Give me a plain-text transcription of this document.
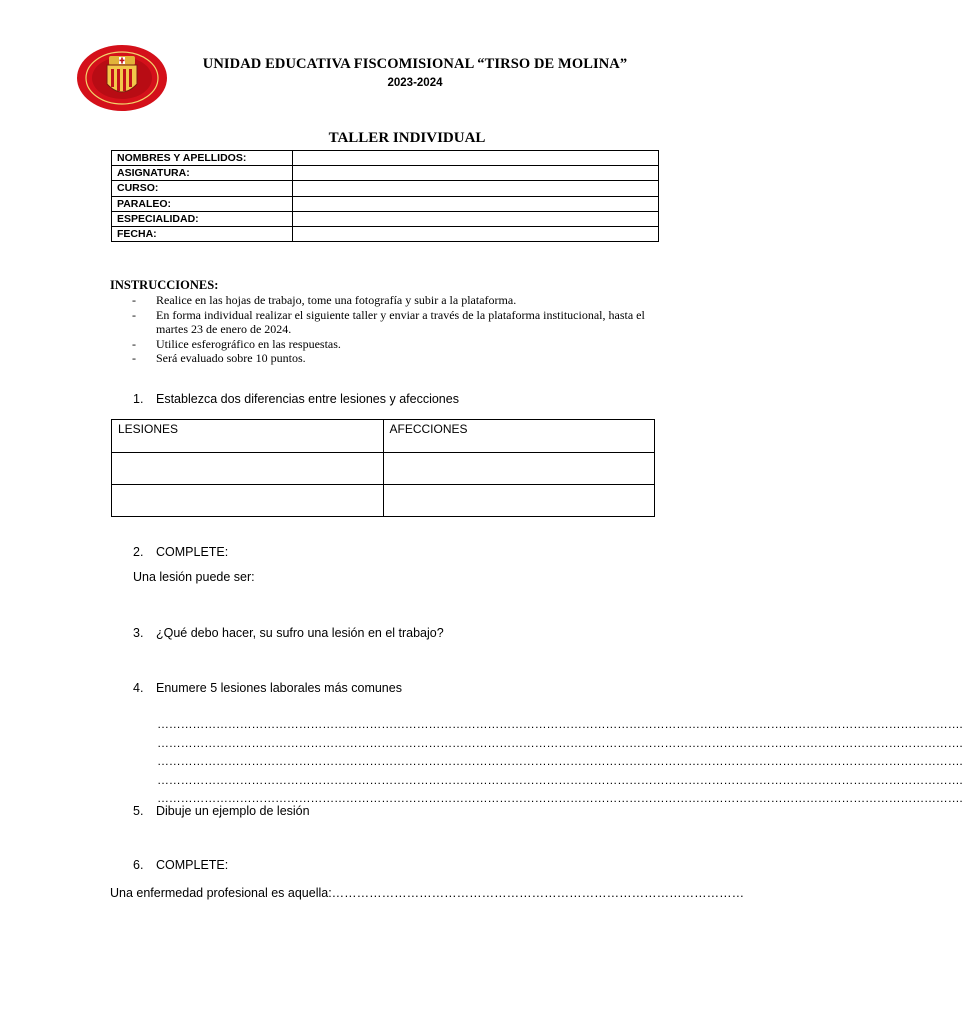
UNIDAD EDUCATIVA FISCOMISIONAL “TIRSO DE MOLINA”
2023-2024
TALLER INDIVIDUAL
NOMBRES Y APELLIDOS:	
ASIGNATURA:	
CURSO:	
PARALEO:	
ESPECIALIDAD:	
FECHA:	
INSTRUCCIONES:
- Realice en las hojas de trabajo, tome una fotografía y subir a la plataforma.
- En forma individual realizar el siguiente taller y enviar a través de la plataforma institucional, hasta el martes 23 de enero de 2024.
- Utilice esferográfico en las respuestas.
- Será evaluado sobre 10 puntos.
1. Establezca dos diferencias entre lesiones y afecciones
LESIONES	AFECCIONES

2. COMPLETE:
Una lesión puede ser:
3. ¿Qué debo hacer, su sufro una lesión en el trabajo?
4. Enumere 5 lesiones laborales más comunes
…………………………………………………………………………………………………………………………………………………………………………………….
…………………………………………………………………………………………………………………………………………………………………………………….
…………………………………………………………………………………………………………………………………………………………………………………….
…………………………………………………………………………………………………………………………………………………………………………………….
…………………………………………………………………………………………………………………………………………………………………………………….
5. Dibuje un ejemplo de lesión
6. COMPLETE:
Una enfermedad profesional es aquella:………………………………………………………………………………………
